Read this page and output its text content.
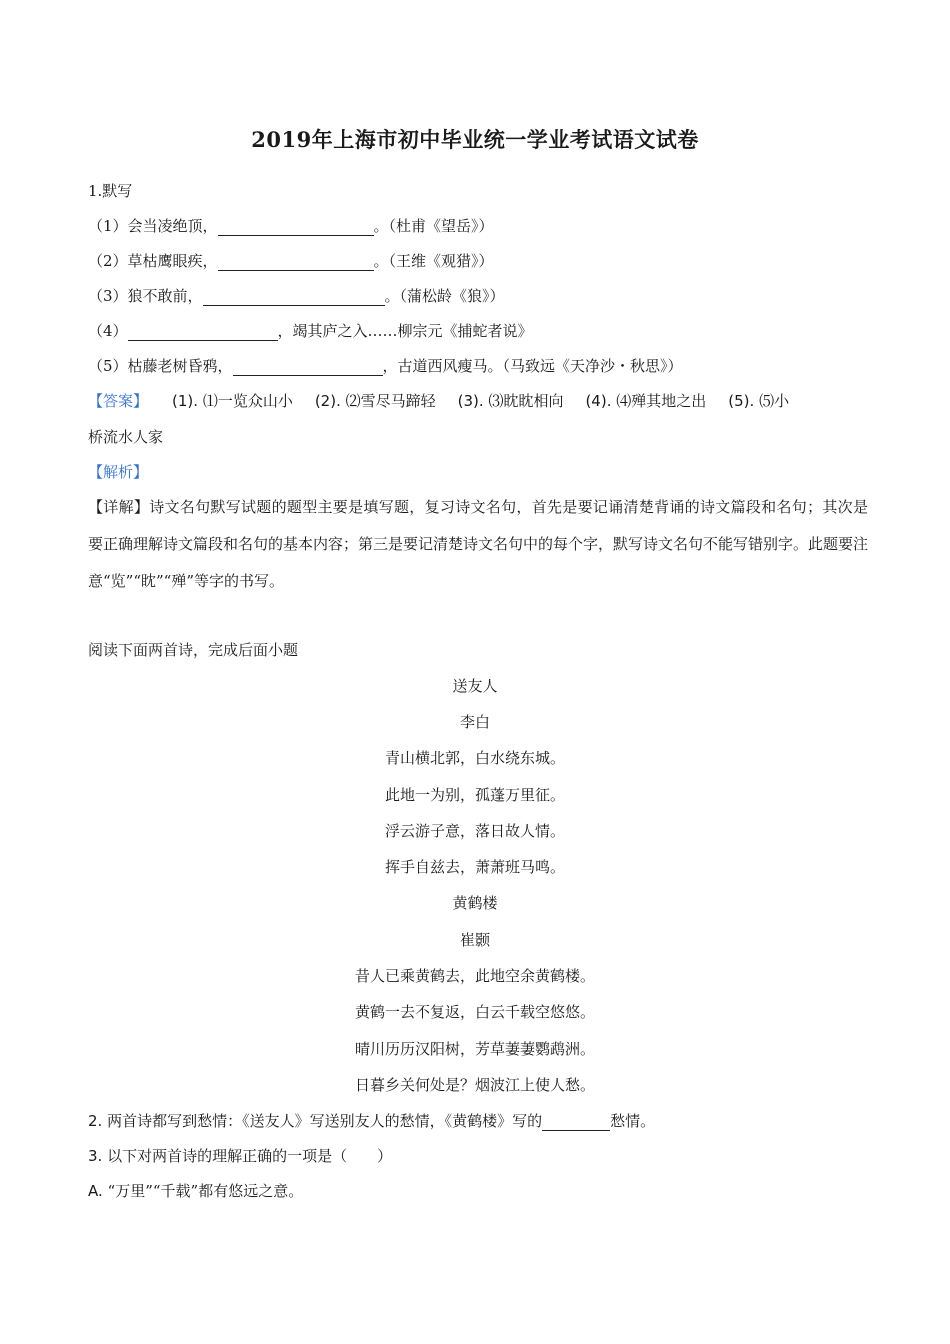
2019年上海市初中毕业统一学业考试语文试卷
1.默写
（1）会当凌绝顶，	。（杜甫《望岳》）
（2）草枯鹰眼疾，	。（王维《观猎》）
（3）狼不敢前，	。（蒲松龄《狼》）
（4）	，竭其庐之入……柳宗元《捕蛇者说》
（5）枯藤老树昏鸦，	，古道西风瘦马。（马致远《天净沙・秋思》）
【答案】 (1). ⑴一览众山小 (2). ⑵雪尽马蹄轻 (3). ⑶眈眈相向 (4). ⑷殚其地之出 (5). ⑸小
桥流水人家
【解析】
【详解】诗文名句默写试题的题型主要是填写题，复习诗文名句，首先是要记诵清楚背诵的诗文篇段和名句；其次是要正确理解诗文篇段和名句的基本内容；第三是要记清楚诗文名句中的每个字，默写诗文名句不能写错别字。此题要注意“览”“眈”“殚”等字的书写。
阅读下面两首诗，完成后面小题
送友人
李白
青山横北郭，白水绕东城。
此地一为别，孤蓬万里征。
浮云游子意，落日故人情。
挥手自兹去，萧萧班马鸣。
黄鹤楼
崔颢
昔人已乘黄鹤去，此地空余黄鹤楼。
黄鹤一去不复返，白云千载空悠悠。
晴川历历汉阳树，芳草萋萋鹦鹉洲。
日暮乡关何处是？烟波江上使人愁。
2. 两首诗都写到愁情：《送友人》写送别友人的愁情，《黄鹤楼》写的	愁情。
3. 以下对两首诗的理解正确的一项是（　　）
A. “万里”“千载”都有悠远之意。
